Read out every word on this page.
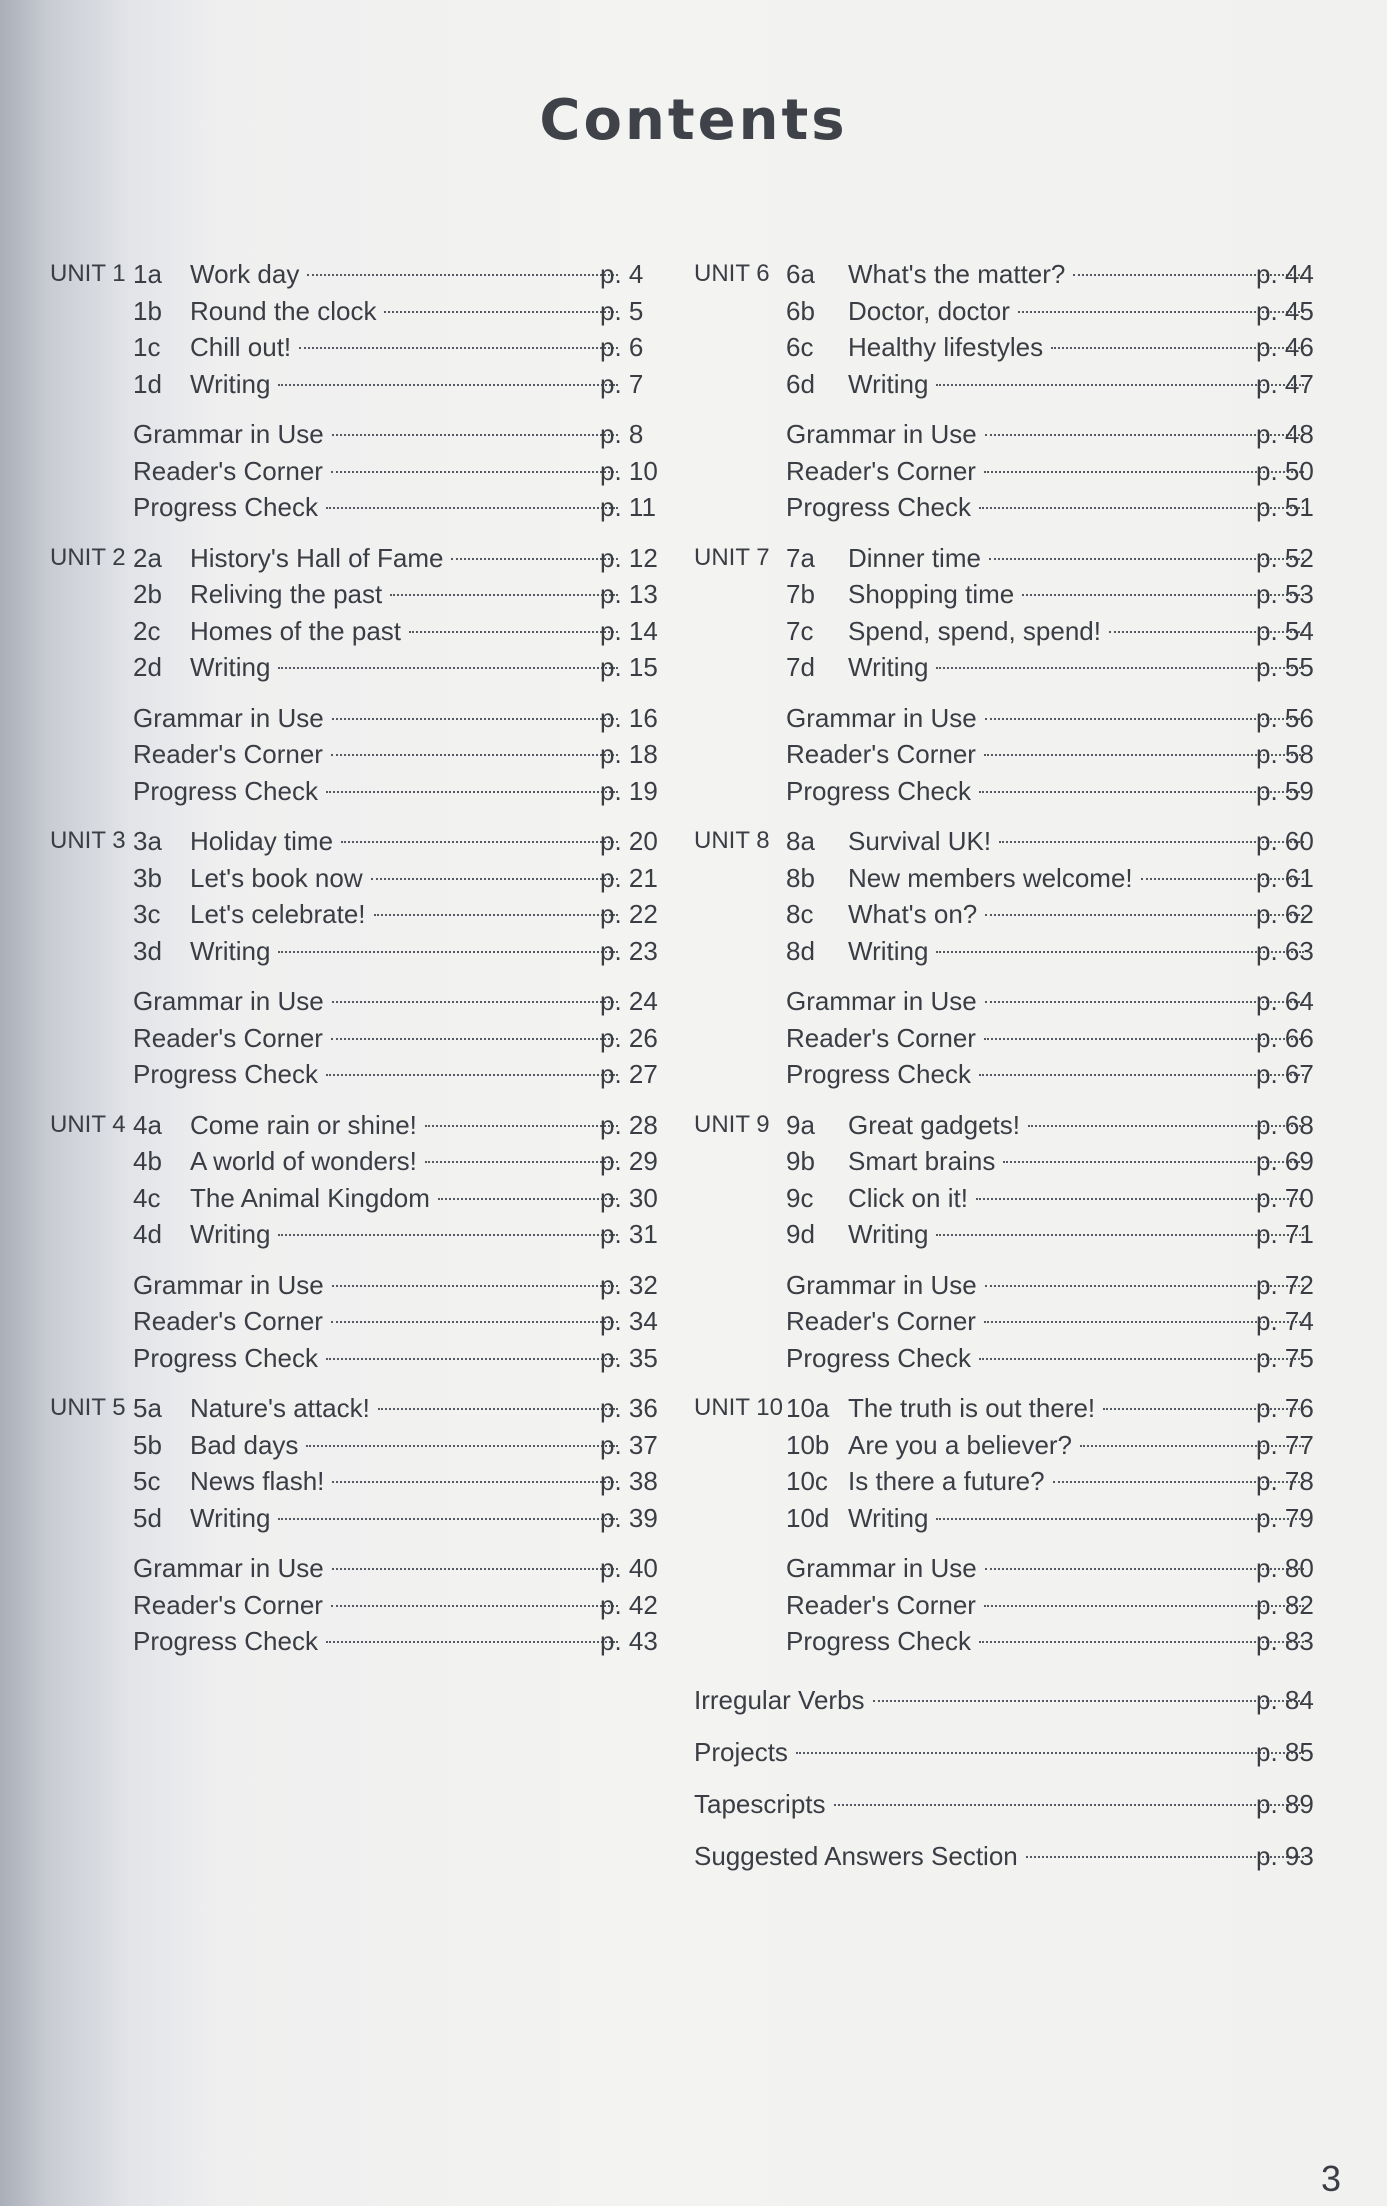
Contents
UNIT 1 1a Work day	p. 4
1b Round the clock	p. 5
1c Chill out!	p. 6
1d Writing	p. 7
Grammar in Use	p. 8
Reader's Corner	p. 10
Progress Check	p. 11
UNIT 2 2a History's Hall of Fame	p. 12
2b Reliving the past	p. 13
2c Homes of the past	p. 14
2d Writing	p. 15
Grammar in Use	p. 16
Reader's Corner	p. 18
Progress Check	p. 19
UNIT 3 3a Holiday time	p. 20
3b Let's book now	p. 21
3c Let's celebrate!	p. 22
3d Writing	p. 23
Grammar in Use	p. 24
Reader's Corner	p. 26
Progress Check	p. 27
UNIT 4 4a Come rain or shine!	p. 28
4b A world of wonders!	p. 29
4c The Animal Kingdom	p. 30
4d Writing	p. 31
Grammar in Use	p. 32
Reader's Corner	p. 34
Progress Check	p. 35
UNIT 5 5a Nature's attack!	p. 36
5b Bad days	p. 37
5c News flash!	p. 38
5d Writing	p. 39
Grammar in Use	p. 40
Reader's Corner	p. 42
Progress Check	p. 43
UNIT 6 6a What's the matter?	p. 44
6b Doctor, doctor	p. 45
6c Healthy lifestyles	p. 46
6d Writing	p. 47
Grammar in Use	p. 48
Reader's Corner	p. 50
Progress Check	p. 51
UNIT 7 7a Dinner time	p. 52
7b Shopping time	p. 53
7c Spend, spend, spend!	p. 54
7d Writing	p. 55
Grammar in Use	p. 56
Reader's Corner	p. 58
Progress Check	p. 59
UNIT 8 8a Survival UK!	p. 60
8b New members welcome!	p. 61
8c What's on?	p. 62
8d Writing	p. 63
Grammar in Use	p. 64
Reader's Corner	p. 66
Progress Check	p. 67
UNIT 9 9a Great gadgets!	p. 68
9b Smart brains	p. 69
9c Click on it!	p. 70
9d Writing	p. 71
Grammar in Use	p. 72
Reader's Corner	p. 74
Progress Check	p. 75
UNIT 10 10a The truth is out there!	p. 76
10b Are you a believer?	p. 77
10c Is there a future?	p. 78
10d Writing	p. 79
Grammar in Use	p. 80
Reader's Corner	p. 82
Progress Check	p. 83
Irregular Verbs	p. 84
Projects	p. 85
Tapescripts	p. 89
Suggested Answers Section	p. 93
3
